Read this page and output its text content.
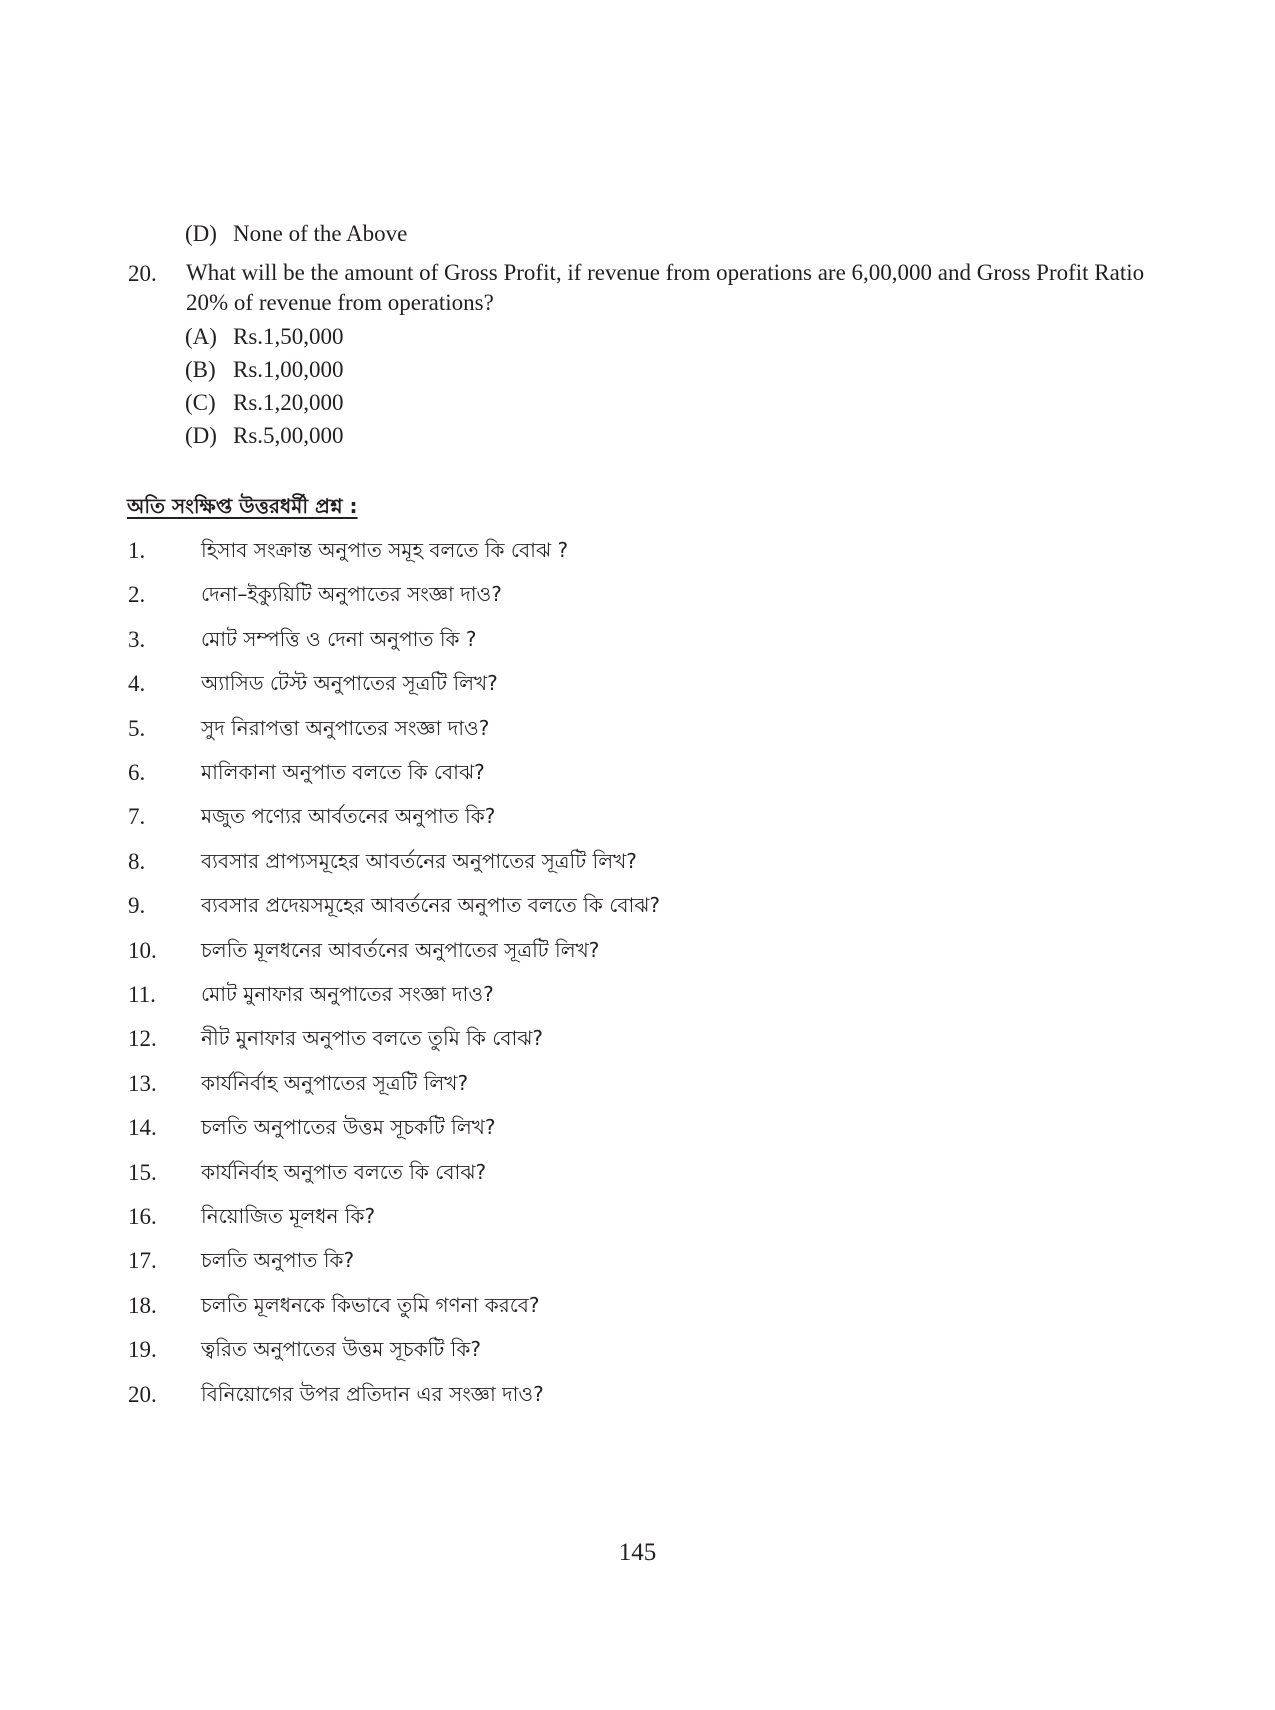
(D) None of the Above
20. What will be the amount of Gross Profit, if revenue from operations are 6,00,000 and Gross Profit Ratio 20% of revenue from operations?
(A) Rs.1,50,000
(B) Rs.1,00,000
(C) Rs.1,20,000
(D) Rs.5,00,000
অতি সংক্ষিপ্ত উত্তরধর্মী প্রশ্ন :
1.	হিসাব সংক্রান্ত অনুপাত সমূহ বলতে কি বোঝ ?
2.	দেনা–ইক্যুয়িটি অনুপাতের সংজ্ঞা দাও?
3.	মোট সম্পত্তি ও দেনা অনুপাত কি ?
4.	অ্যাসিড টেস্ট অনুপাতের সূত্রটি লিখ?
5.	সুদ নিরাপত্তা অনুপাতের সংজ্ঞা দাও?
6.	মালিকানা অনুপাত বলতে কি বোঝ?
7.	মজুত পণ্যের আর্বতনের অনুপাত কি?
8.	ব্যবসার প্রাপ্যসমূহের আবর্তনের অনুপাতের সূত্রটি লিখ?
9.	ব্যবসার প্রদেয়সমূহের আবর্তনের অনুপাত বলতে কি বোঝ?
10. চলতি মূলধনের আবর্তনের অনুপাতের সূত্রটি লিখ?
11. মোট মুনাফার অনুপাতের সংজ্ঞা দাও?
12. নীট মুনাফার অনুপাত বলতে তুমি কি বোঝ?
13. কার্যনির্বাহ অনুপাতের সূত্রটি লিখ?
14. চলতি অনুপাতের উত্তম সূচকটি লিখ?
15. কার্যনির্বাহ অনুপাত বলতে কি বোঝ?
16. নিয়োজিত মূলধন কি?
17. চলতি অনুপাত কি?
18. চলতি মূলধনকে কিভাবে তুমি গণনা করবে?
19. ত্বরিত অনুপাতের উত্তম সূচকটি কি?
20. বিনিয়োগের উপর প্রতিদান এর সংজ্ঞা দাও?
145
